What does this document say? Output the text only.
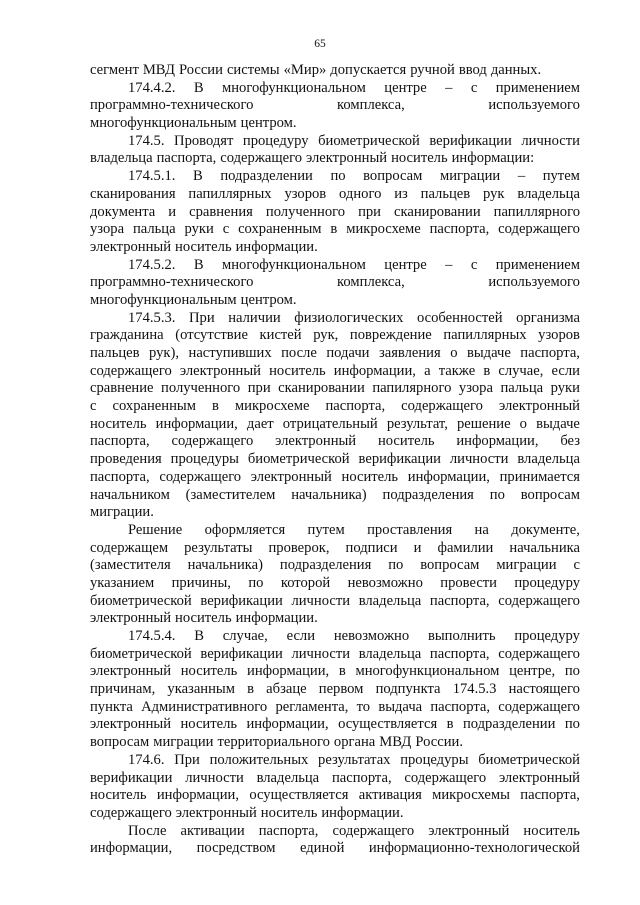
65
сегмент МВД России системы «Мир» допускается ручной ввод данных.
174.4.2. В многофункциональном центре – с применением
программно-технического	комплекса,	используемого
многофункциональным центром.
174.5. Проводят процедуру биометрической верификации личности
владельца паспорта, содержащего электронный носитель информации:
174.5.1. В подразделении по вопросам миграции – путем
сканирования папиллярных узоров одного из пальцев рук владельца
документа и сравнения полученного при сканировании папиллярного
узора пальца руки с сохраненным в микросхеме паспорта, содержащего
электронный носитель информации.
174.5.2. В многофункциональном центре – с применением
программно-технического	комплекса,	используемого
многофункциональным центром.
174.5.3. При наличии физиологических особенностей организма
гражданина (отсутствие кистей рук, повреждение папиллярных узоров
пальцев рук), наступивших после подачи заявления о выдаче паспорта,
содержащего электронный носитель информации, а также в случае, если
сравнение полученного при сканировании папилярного узора пальца руки
с сохраненным в микросхеме паспорта, содержащего электронный
носитель информации, дает отрицательный результат, решение о выдаче
паспорта, содержащего электронный носитель информации, без
проведения процедуры биометрической верификации личности владельца
паспорта, содержащего электронный носитель информации, принимается
начальником (заместителем начальника) подразделения по вопросам
миграции.
Решение оформляется путем проставления на документе,
содержащем результаты проверок, подписи и фамилии начальника
(заместителя начальника) подразделения по вопросам миграции с
указанием причины, по которой невозможно провести процедуру
биометрической верификации личности владельца паспорта, содержащего
электронный носитель информации.
174.5.4. В случае, если невозможно выполнить процедуру
биометрической верификации личности владельца паспорта, содержащего
электронный носитель информации, в многофункциональном центре, по
причинам, указанным в абзаце первом подпункта 174.5.3 настоящего
пункта Административного регламента, то выдача паспорта, содержащего
электронный носитель информации, осуществляется в подразделении по
вопросам миграции территориального органа МВД России.
174.6. При положительных результатах процедуры биометрической
верификации личности владельца паспорта, содержащего электронный
носитель информации, осуществляется активация микросхемы паспорта,
содержащего электронный носитель информации.
После активации паспорта, содержащего электронный носитель
информации, посредством единой информационно-технологической
